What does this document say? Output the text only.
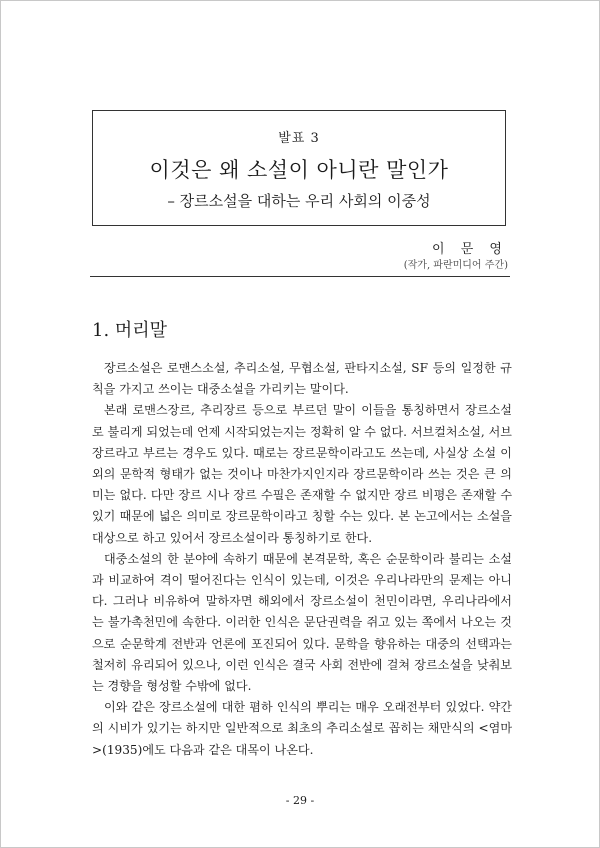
발표 3
이것은 왜 소설이 아니란 말인가
– 장르소설을 대하는 우리 사회의 이중성
이 문 영
(작가, 파란미디어 주간)
1. 머리말

장르소설은 로맨스소설, 추리소설, 무협소설, 판타지소설, SF 등의 일정한 규칙을 가지고 쓰이는 대중소설을 가리키는 말이다.

본래 로맨스장르, 추리장르 등으로 부르던 말이 이들을 통칭하면서 장르소설로 불리게 되었는데 언제 시작되었는지는 정확히 알 수 없다. 서브컬처소설, 서브장르라고 부르는 경우도 있다. 때로는 장르문학이라고도 쓰는데, 사실상 소설 이외의 문학적 형태가 없는 것이나 마찬가지인지라 장르문학이라 쓰는 것은 큰 의미는 없다. 다만 장르 시나 장르 수필은 존재할 수 없지만 장르 비평은 존재할 수 있기 때문에 넓은 의미로 장르문학이라고 칭할 수는 있다. 본 논고에서는 소설을 대상으로 하고 있어서 장르소설이라 통칭하기로 한다.

대중소설의 한 분야에 속하기 때문에 본격문학, 혹은 순문학이라 불리는 소설과 비교하여 격이 떨어진다는 인식이 있는데, 이것은 우리나라만의 문제는 아니다. 그러나 비유하여 말하자면 해외에서 장르소설이 천민이라면, 우리나라에서는 불가촉천민에 속한다. 이러한 인식은 문단권력을 쥐고 있는 쪽에서 나오는 것으로 순문학계 전반과 언론에 포진되어 있다. 문학을 향유하는 대중의 선택과는 철저히 유리되어 있으나, 이런 인식은 결국 사회 전반에 걸쳐 장르소설을 낮춰보는 경향을 형성할 수밖에 없다.

이와 같은 장르소설에 대한 폄하 인식의 뿌리는 매우 오래전부터 있었다. 약간의 시비가 있기는 하지만 일반적으로 최초의 추리소설로 꼽히는 채만식의 <염마>(1935)에도 다음과 같은 대목이 나온다.

- 29 -
